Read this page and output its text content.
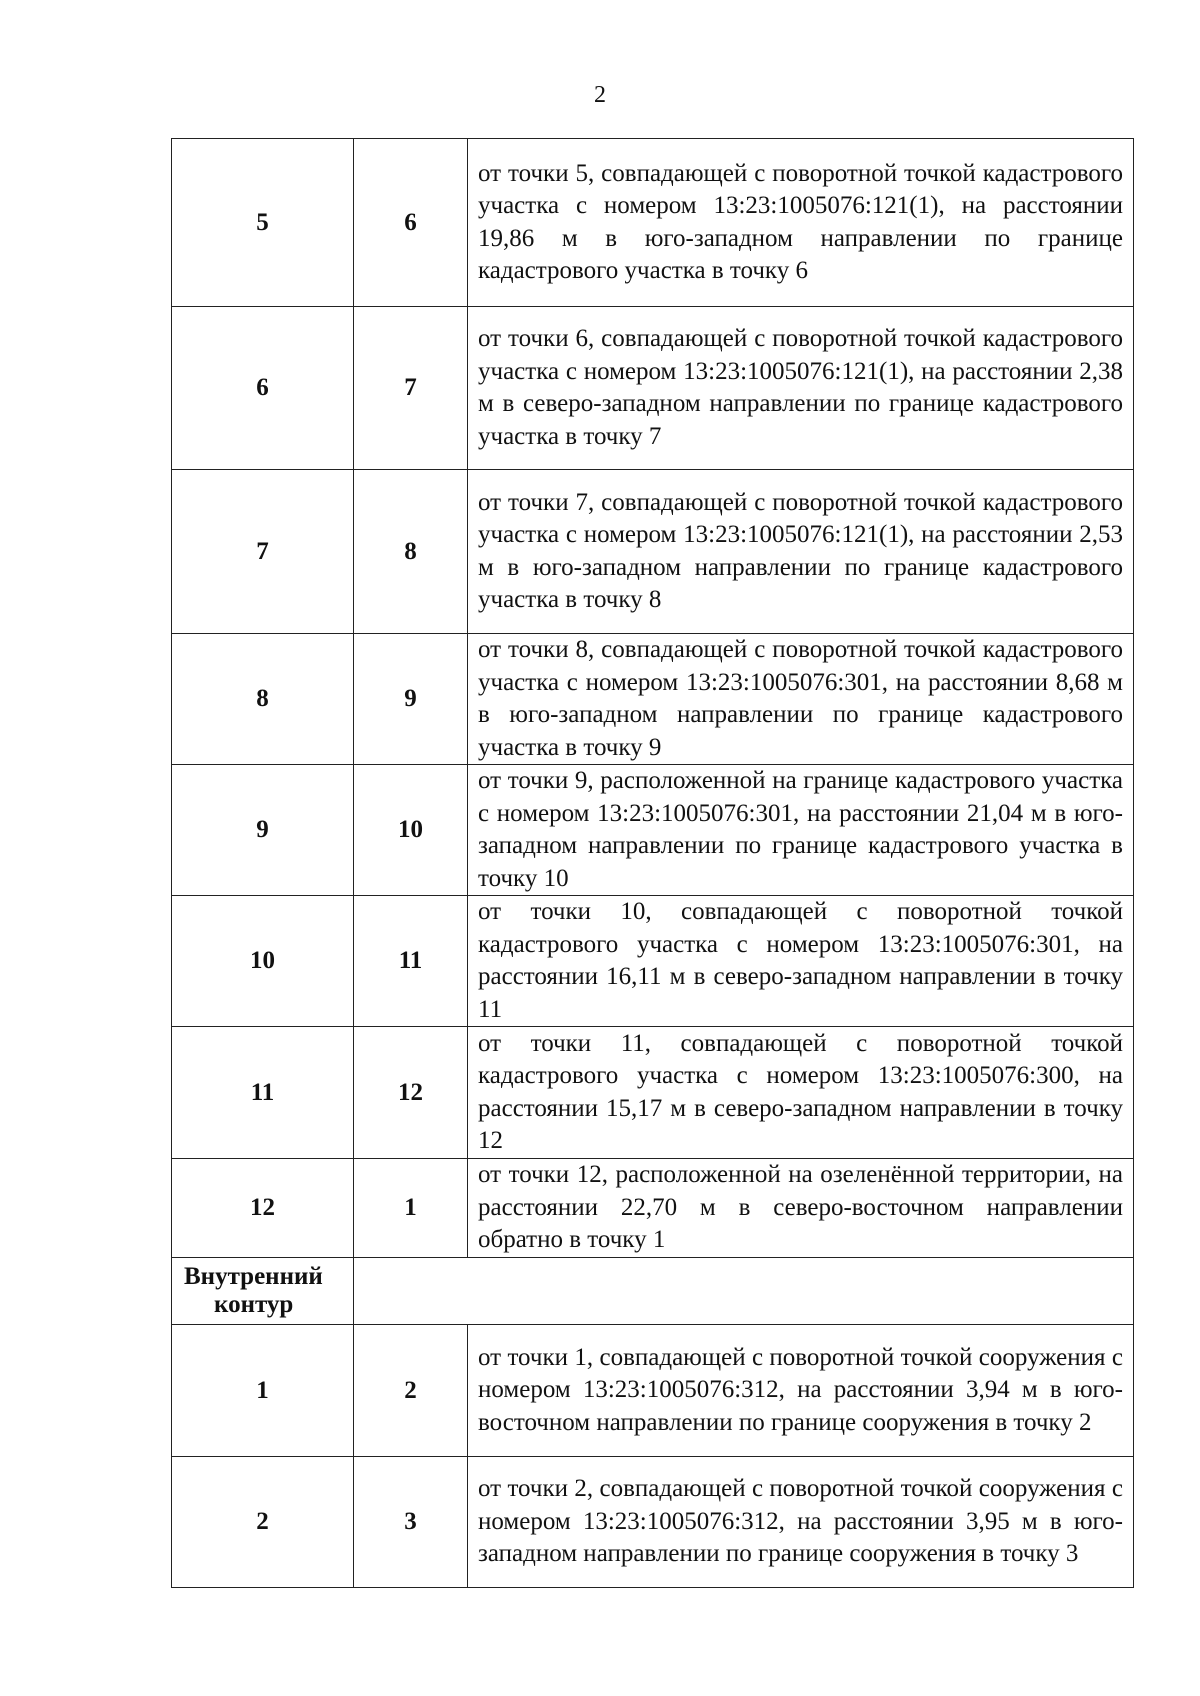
2
5	6	от точки 5, совпадающей с поворотной точкой кадастрового участка с номером 13:23:1005076:121(1), на расстоянии 19,86 м в юго-западном направлении по границе кадастрового участка в точку 6
6	7	от точки 6, совпадающей с поворотной точкой кадастрового участка с номером 13:23:1005076:121(1), на расстоянии 2,38 м в северо-западном направлении по границе кадастрового участка в точку 7
7	8	от точки 7, совпадающей с поворотной точкой кадастрового участка с номером 13:23:1005076:121(1), на расстоянии 2,53 м в юго-западном направлении по границе кадастрового участка в точку 8
8	9	от точки 8, совпадающей с поворотной точкой кадастрового участка с номером 13:23:1005076:301, на расстоянии 8,68 м в юго-западном направлении по границе кадастрового участка в точку 9
9	10	от точки 9, расположенной на границе кадастрового участка с номером 13:23:1005076:301, на расстоянии 21,04 м в юго-западном направлении по границе кадастрового участка в точку 10
10	11	от точки 10, совпадающей с поворотной точкой кадастрового участка с номером 13:23:1005076:301, на расстоянии 16,11 м в северо-западном направлении в точку 11
11	12	от точки 11, совпадающей с поворотной точкой кадастрового участка с номером 13:23:1005076:300, на расстоянии 15,17 м в северо-западном направлении в точку 12
12	1	от точки 12, расположенной на озеленённой территории, на расстоянии 22,70 м в северо-восточном направлении обратно в точку 1

Внутренний
контур		

1	2	от точки 1, совпадающей с поворотной точкой сооружения с номером 13:23:1005076:312, на расстоянии 3,94 м в юго-восточном направлении по границе сооружения в точку 2
2	3	от точки 2, совпадающей с поворотной точкой сооружения с номером 13:23:1005076:312, на расстоянии 3,95 м в юго-западном направлении по границе сооружения в точку 3
